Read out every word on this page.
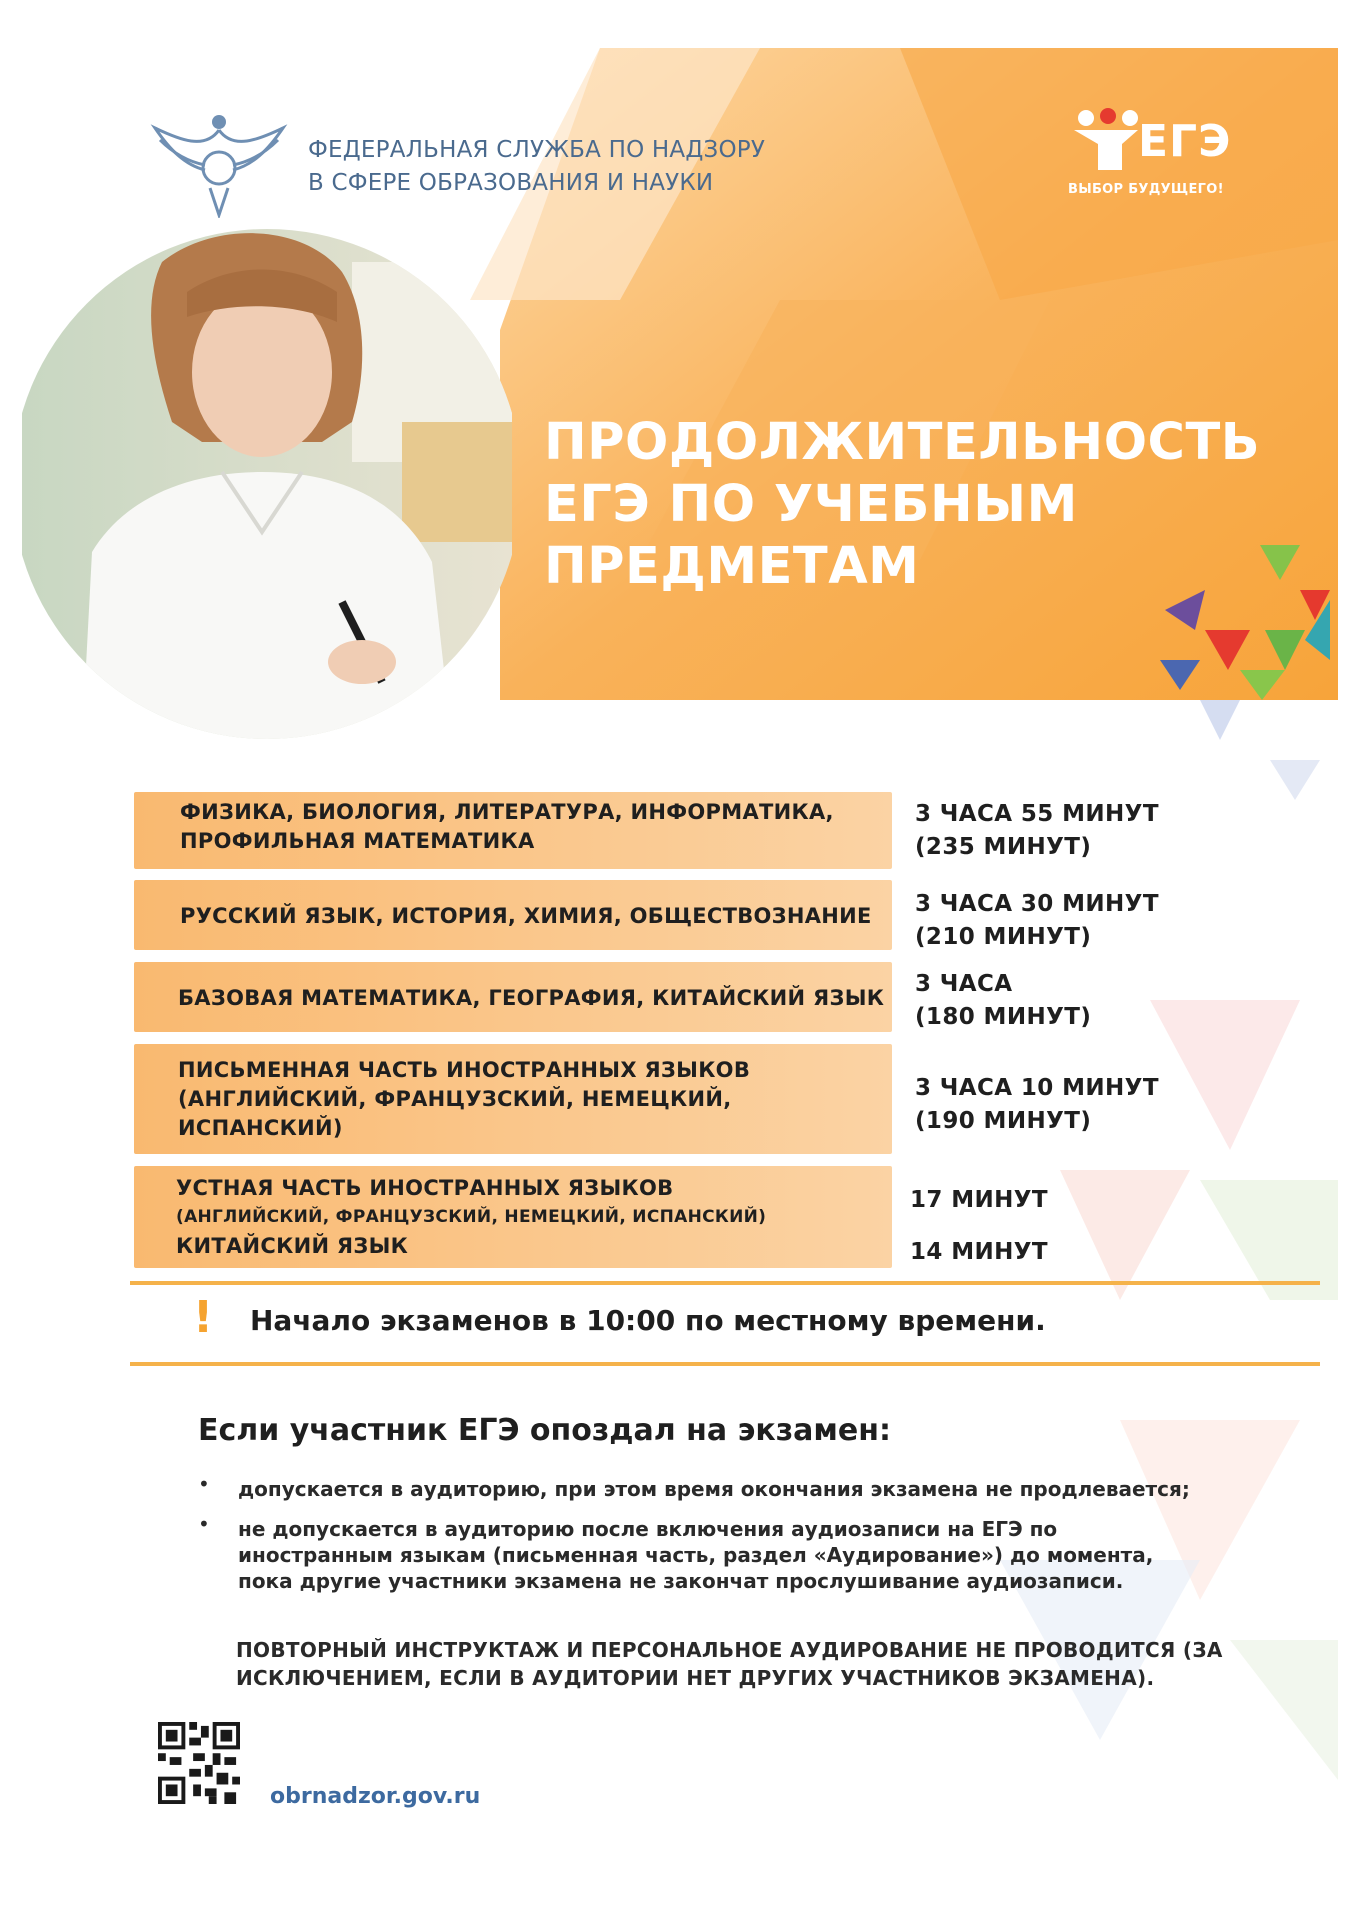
ФЕДЕРАЛЬНАЯ СЛУЖБА ПО НАДЗОРУ
В СФЕРЕ ОБРАЗОВАНИЯ И НАУКИ
ЕГЭ
ВЫБОР БУДУЩЕГО!
ПРОДОЛЖИТЕЛЬНОСТЬ
ЕГЭ ПО УЧЕБНЫМ
ПРЕДМЕТАМ
ФИЗИКА, БИОЛОГИЯ, ЛИТЕРАТУРА, ИНФОРМАТИКА,
ПРОФИЛЬНАЯ МАТЕМАТИКА
3 ЧАСА 55 МИНУТ
(235 МИНУТ)
РУССКИЙ ЯЗЫК, ИСТОРИЯ, ХИМИЯ, ОБЩЕСТВОЗНАНИЕ 3 ЧАСА 30 МИНУТ
(210 МИНУТ)
БАЗОВАЯ МАТЕМАТИКА, ГЕОГРАФИЯ, КИТАЙСКИЙ ЯЗЫК
3 ЧАСА
(180 МИНУТ)
ПИСЬМЕННАЯ ЧАСТЬ ИНОСТРАННЫХ ЯЗЫКОВ
(АНГЛИЙСКИЙ, ФРАНЦУЗСКИЙ, НЕМЕЦКИЙ,
ИСПАНСКИЙ)
3 ЧАСА 10 МИНУТ
(190 МИНУТ)
УСТНАЯ ЧАСТЬ ИНОСТРАННЫХ ЯЗЫКОВ
(АНГЛИЙСКИЙ, ФРАНЦУЗСКИЙ, НЕМЕЦКИЙ, ИСПАНСКИЙ)
КИТАЙСКИЙ ЯЗЫК
17 МИНУТ
14 МИНУТ
! Начало экзаменов в 10:00 по местному времени.
Если участник ЕГЭ опоздал на экзамен:
• допускается в аудиторию, при этом время окончания экзамена не продлевается;
• не допускается в аудиторию после включения аудиозаписи на ЕГЭ по
иностранным языкам (письменная часть, раздел «Аудирование») до момента,
пока другие участники экзамена не закончат прослушивание аудиозаписи.
ПОВТОРНЫЙ ИНСТРУКТАЖ И ПЕРСОНАЛЬНОЕ АУДИРОВАНИЕ НЕ ПРОВОДИТСЯ (ЗА
ИСКЛЮЧЕНИЕМ, ЕСЛИ В АУДИТОРИИ НЕТ ДРУГИХ УЧАСТНИКОВ ЭКЗАМЕНА).
obrnadzor.gov.ru
